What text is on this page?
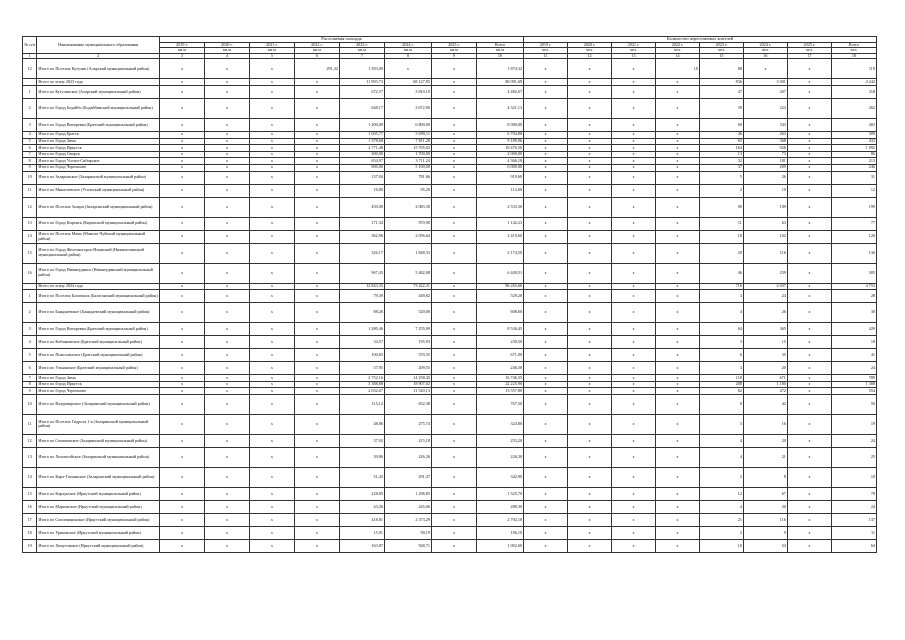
№ п/п	Наименование муниципального образования	Расселяемая площадь								Количество переселяемых жителей							
		2019 г.	2020 г.	2021 г.	2022 г.	2023 г.	2024 г.	2025 г.	Всего	2019 г.	2020 г.	2021 г.	2022 г.	2023 г.	2024 г.	2025 г.	Всего
		кв.м	кв.м	кв.м	кв.м	кв.м	кв.м	кв.м	кв.м	чел.	чел.	чел.	чел.	чел.	чел.	чел.	чел.
1	2	3	4	5	6	7	8	9	10	11	12	13	14	15	16	17	18
12	Итого по Поселок Кутулик (Аларский муниципальный район)	x	x	x	291,32	1 583,00	x	x	1 874,32	x	x	x	10	88	x	x	119
	Всего по этапу 2023 года	x	x	x	x	11 993,73	68 127,85	x	80 091,69	x	x	x	x	836	3 001	x	4 242
1	Итого по Кутуликское (Аларский муниципальный район)	x	x	x	x	672,57	3 810,10	x	4 482,67	x	x	x	x	47	207	x	318
2	Итого по Город Бодайбо (Бодайбинский муниципальный район)	x	x	x	x	648,17	3 672,96	x	4 321,13	x	x	x	x	39	223	x	262
3	Итого по Город Вихоревка (Братский муниципальный район)	x	x	x	x	1 200,00	6 800,00	x	8 000,00	x	x	x	x	60	343	x	403
4	Итого по Город Братск	x	x	x	x	1 005,77	5 699,11	x	6 704,88	x	x	x	x	46	263	x	309
5	Итого по Город Зима	x	x	x	x	1 378,68	7 811,28	x	9 189,96	x	x	x	x	65	368	x	433
6	Итого по Город Иркутск	x	x	x	x	2 771,48	15 705,02	x	18 476,50	x	x	x	x	164	928	x	1 092
7	Итого по Город Свирск	x	x	x	x	300,00	1 700,00	x	2 000,00	x	x	x	x	13	73	x	86
8	Итого по Город Усолье-Сибирское	x	x	x	x	654,97	3 711,24	x	4 366,18	x	x	x	x	32	181	x	213
9	Итого по Город Черемхово	x	x	x	x	900,00	5 100,00	x	6 000,00	x	x	x	x	37	209	x	246
10	Итого по Заларинское (Заларинский муниципальный район)	x	x	x	x	137,94	781,66	x	919,60	x	x	x	x	5	26	x	31
11	Итого по Мишелевское (Усольский муниципальный район)	x	x	x	x	16,80	95,20	x	112,00	x	x	x	x	2	10	x	12
12	Итого по Поселок Залари (Заларинский муниципальный район)	x	x	x	x	450,00	2 083,30	x	2 533,30	x	x	x	x	90	109	x	199
13	Итого по Город Киренск (Киренский муниципальный район)	x	x	x	x	171,34	970,90	x	1 142,23	x	x	x	x	11	63	x	77
14	Итого по Поселок Мама (Мамско-Чуйский муниципальный район)	x	x	x	x	362,96	2 056,64	x	2 419,60	x	x	x	x	18	102	x	120
15	Итого по Город Железногорск-Илимский (Нижнеилимский муниципальный район)	x	x	x	x	326,17	1 848,33	x	2 174,50	x	x	x	x	20	116	x	136
16	Итого по Город Нижнеудинск (Нижнеудинский муниципальный район)	x	x	x	x	967,43	5 482,08	x	6 449,51	x	x	x	x	46	259	x	305
	Всего по этапу 2024 года	x	x	x	x	12 843,35	73 422,31	x	86 265,66	x	x	x	x	716	4 037	x	4 753
1	Итого по Поселок Балаганск (Балаганский муниципальный район)	x	x	x	x	79,39	449,82	x	529,20	x	x	x	x	4	24	x	28
2	Итого по Баяндаевское (Баяндаевский муниципальный район)	x	x	x	x	88,26	520,00	x	608,60	x	x	x	x	4	26	x	30
3	Итого по Город Вихоревка (Братский муниципальный район)	x	x	x	x	1 280,46	7 255,99	x	8 536,45	x	x	x	x	64	365	x	429
4	Итого по Кобляковское (Братский муниципальный район)	x	x	x	x	34,57	195,93	x	230,50	x	x	x	x	3	15	x	18
5	Итого по Покосненское (Братский муниципальный район)	x	x	x	x	100,65	570,35	x	671,00	x	x	x	x	6	35	x	41
6	Итого по Ульканское (Братский муниципальный район)	x	x	x	x	37,95	209,55	x	246,50	x	x	x	x	4	20	x	24
7	Итого по Город Зима	x	x	x	x	2 752,16	14 258,45	x	16 746,35	x	x	x	x	118	671	x	789
8	Итого по Город Иркутск	x	x	x	x	3 388,88	18 907,02	x	22 225,90	x	x	x	x	208	1 180	x	1 388
9	Итого по Город Черемхово	x	x	x	x	2 032,67	11 520,13	x	13 557,80	x	x	x	x	82	472	x	554
10	Итого по Владимирское (Заларинский муниципальный район)	x	x	x	x	115,12	652,38	x	767,50	x	x	x	x	8	42	x	50
11	Итого по Поселок Гидрота 1-я (Заларинский муниципальный район)	x	x	x	x	48,86	275,74	x	324,80	x	x	x	x	3	16	x	19
12	Итого по Семеновское (Заларинский муниципальный район)	x	x	x	x	37,92	215,18	x	253,20	x	x	x	x	4	20	x	24
13	Итого по Холмогойское (Заларинский муниципальный район)	x	x	x	x	39,86	226,26	x	226,30	x	x	x	x	4	21	x	25
14	Итого по Карл-Тагнинское (Заларинский муниципальный район)	x	x	x	x	51,43	291,47	x	342,90	x	x	x	x	2	8	x	10
15	Итого по Карлукское (Иркутский муниципальный район)	x	x	x	x	228,85	1 296,85	x	1 525,70	x	x	x	x	12	67	x	79
16	Итого по Марковское (Иркутский муниципальный район)	x	x	x	x	43,26	245,06	x	288,30	x	x	x	x	4	20	x	24
17	Итого по Смоленщинское (Иркутский муниципальный район)	x	x	x	x	418,81	2 373,29	x	2 792,10	x	x	x	x	21	116	x	137
18	Итого по Уриковское (Иркутский муниципальный район)	x	x	x	x	15,91	90,19	x	106,10	x	x	x	x	2	9	x	11
19	Итого по Хомутовское (Иркутский муниципальный район)	x	x	x	x	163,87	928,71	x	1 092,60	x	x	x	x	10	54	x	64
